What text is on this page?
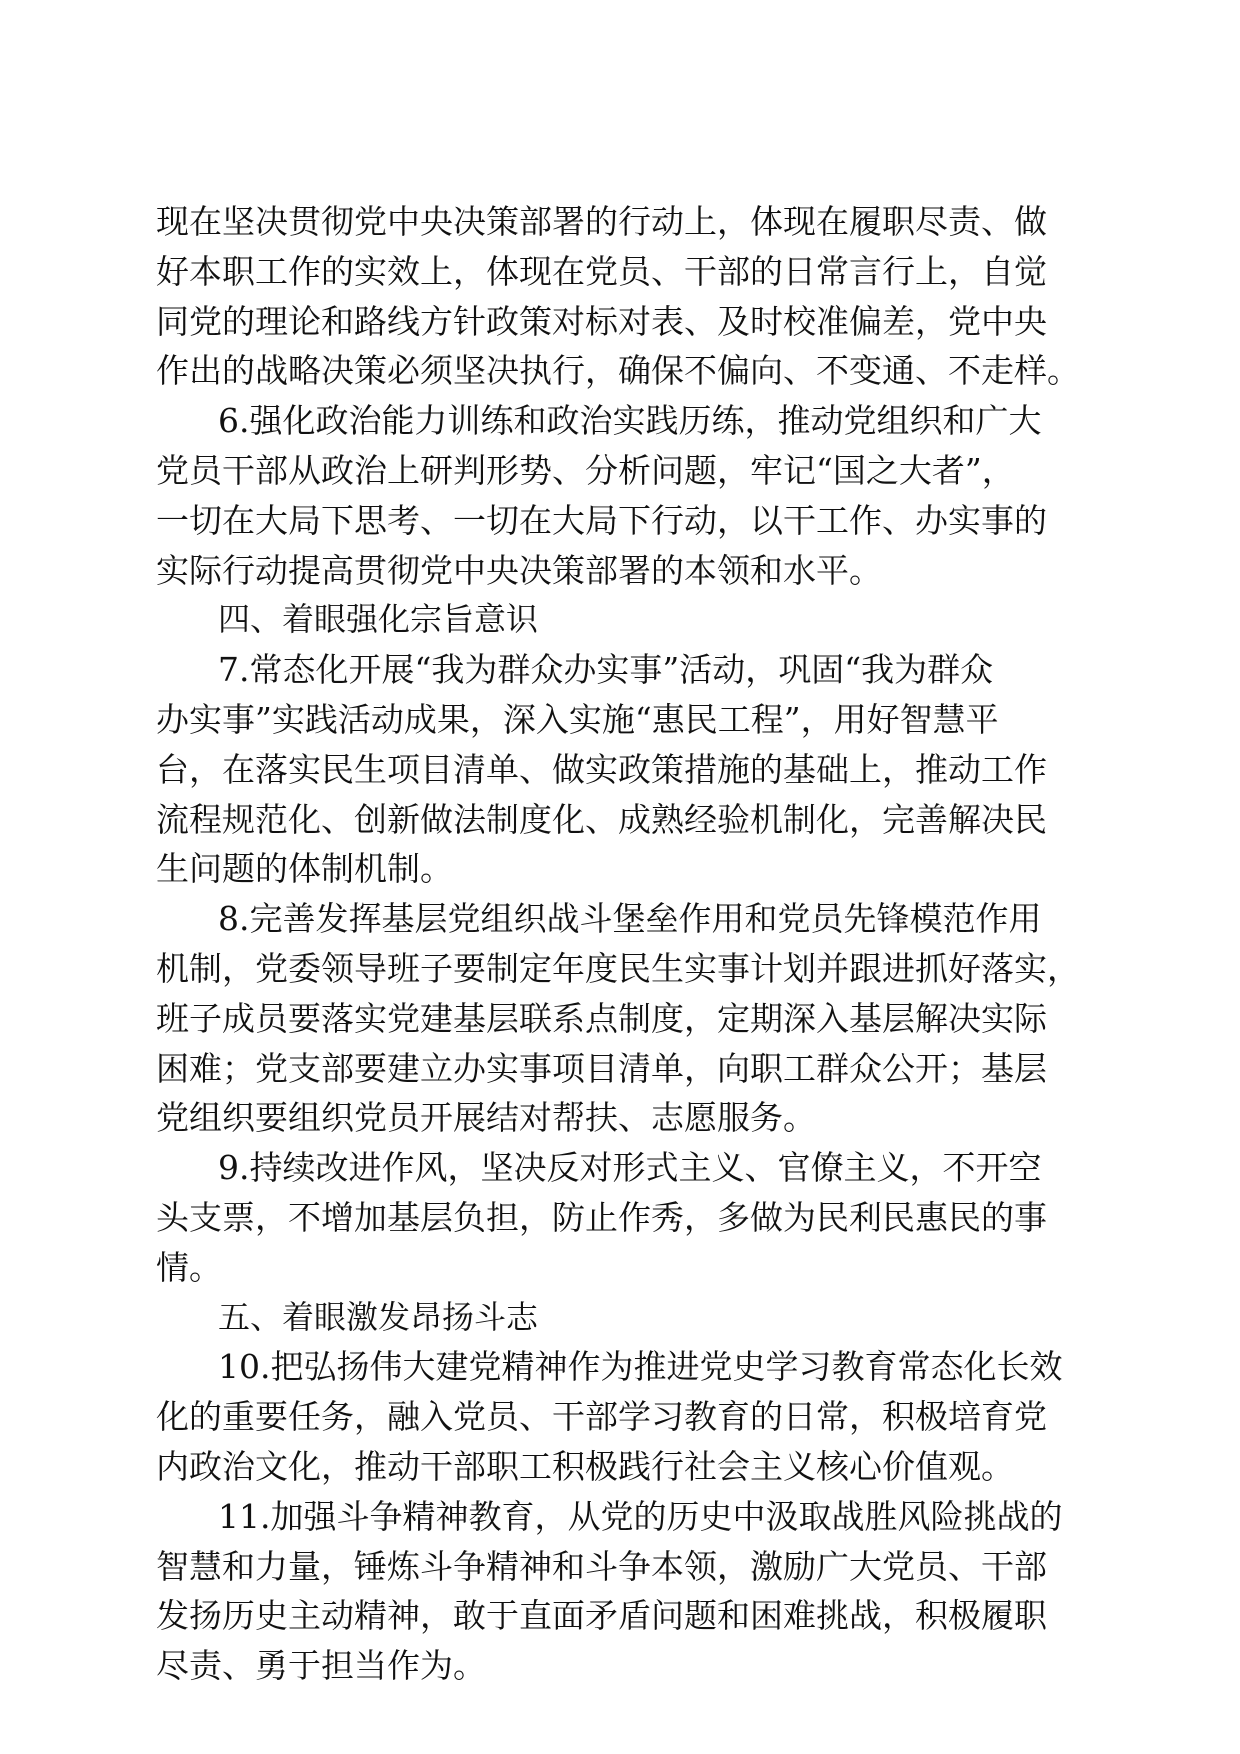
现在坚决贯彻党中央决策部署的行动上，体现在履职尽责、做
好本职工作的实效上，体现在党员、干部的日常言行上，自觉
同党的理论和路线方针政策对标对表、及时校准偏差，党中央
作出的战略决策必须坚决执行，确保不偏向、不变通、不走样。
6.强化政治能力训练和政治实践历练，推动党组织和广大
党员干部从政治上研判形势、分析问题，牢记“国之大者”，
一切在大局下思考、一切在大局下行动，以干工作、办实事的
实际行动提高贯彻党中央决策部署的本领和水平。
四、着眼强化宗旨意识
7.常态化开展“我为群众办实事”活动，巩固“我为群众
办实事”实践活动成果，深入实施“惠民工程”，用好智慧平
台，在落实民生项目清单、做实政策措施的基础上，推动工作
流程规范化、创新做法制度化、成熟经验机制化，完善解决民
生问题的体制机制。
8.完善发挥基层党组织战斗堡垒作用和党员先锋模范作用
机制，党委领导班子要制定年度民生实事计划并跟进抓好落实，
班子成员要落实党建基层联系点制度，定期深入基层解决实际
困难；党支部要建立办实事项目清单，向职工群众公开；基层
党组织要组织党员开展结对帮扶、志愿服务。
9.持续改进作风，坚决反对形式主义、官僚主义，不开空
头支票，不增加基层负担，防止作秀，多做为民利民惠民的事
情。
五、着眼激发昂扬斗志
10.把弘扬伟大建党精神作为推进党史学习教育常态化长效
化的重要任务，融入党员、干部学习教育的日常，积极培育党
内政治文化，推动干部职工积极践行社会主义核心价值观。
11.加强斗争精神教育，从党的历史中汲取战胜风险挑战的
智慧和力量，锤炼斗争精神和斗争本领，激励广大党员、干部
发扬历史主动精神，敢于直面矛盾问题和困难挑战，积极履职
尽责、勇于担当作为。
